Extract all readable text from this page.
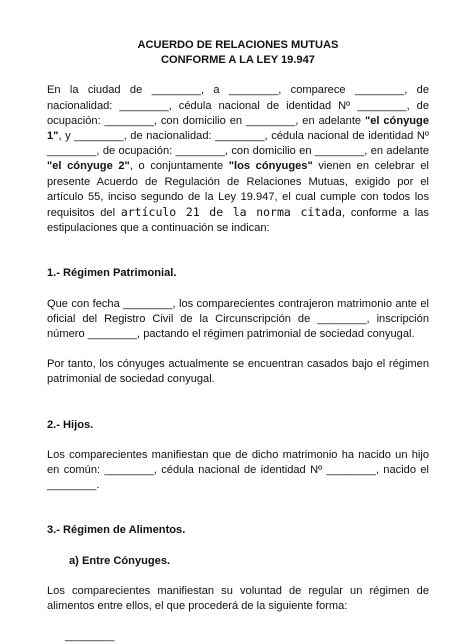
ACUERDO DE RELACIONES MUTUAS

CONFORME A LA LEY 19.947

En la ciudad de ________, a ________, comparece ________, de nacionalidad: ________, cédula nacional de identidad Nº ________, de ocupación: ________, con domicilio en ________, en adelante "el cónyuge 1", y ________, de nacionalidad: ________, cédula nacional de identidad Nº ________, de ocupación: ________, con domicilio en ________, en adelante "el cónyuge 2", o conjuntamente "los cónyuges" vienen en celebrar el presente Acuerdo de Regulación de Relaciones Mutuas, exigido por el artículo 55, inciso segundo de la Ley 19.947, el cual cumple con todos los requisitos del artículo 21 de la norma citada, conforme a las estipulaciones que a continuación se indican:

1.- Régimen Patrimonial.

Que con fecha ________, los comparecientes contrajeron matrimonio ante el oficial del Registro Civil de la Circunscripción de ________, inscripción número ________, pactando el régimen patrimonial de sociedad conyugal.

Por tanto, los cónyuges actualmente se encuentran casados bajo el régimen patrimonial de sociedad conyugal.

2.- Hijos.

Los comparecientes manifiestan que de dicho matrimonio ha nacido un hijo en común: ________, cédula nacional de identidad Nº ________, nacido el ________.

3.- Régimen de Alimentos.

a) Entre Cónyuges.

Los comparecientes manifiestan su voluntad de regular un régimen de alimentos entre ellos, el que procederá de la siguiente forma:

________
